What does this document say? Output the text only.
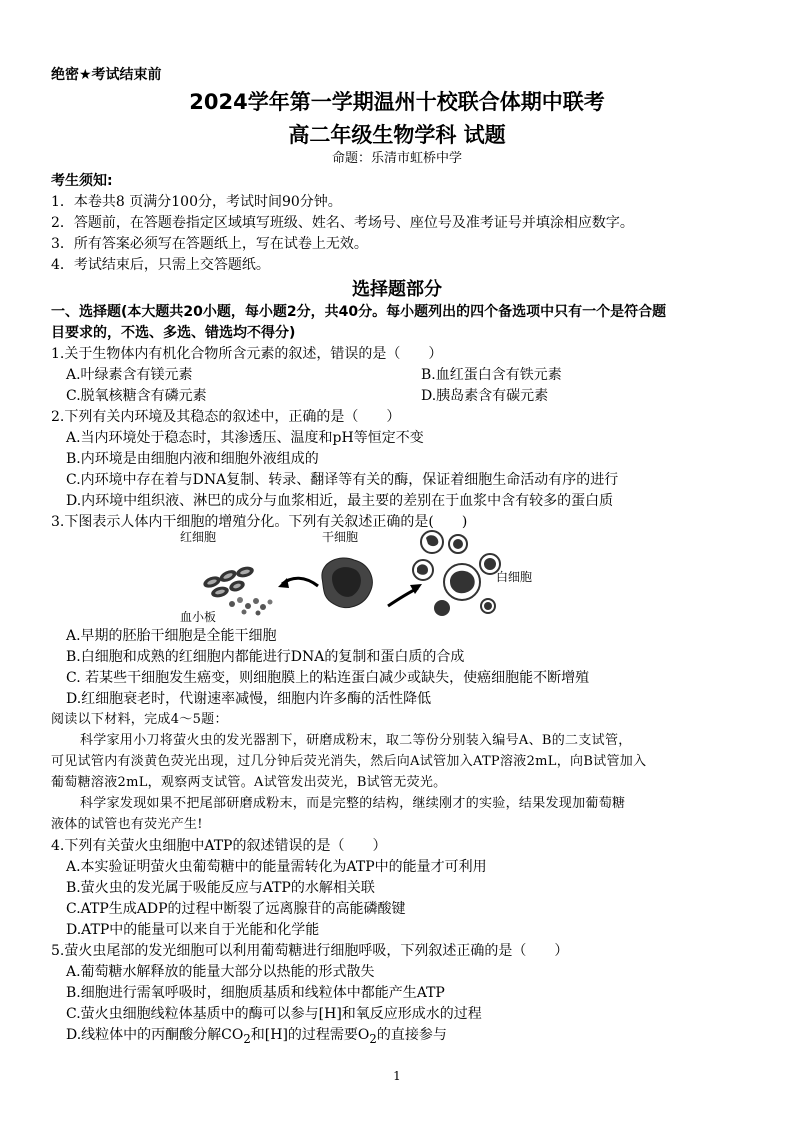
绝密★考试结束前
2024学年第一学期温州十校联合体期中联考
高二年级生物学科 试题
命题：乐清市虹桥中学
考生须知:
1．本卷共8 页满分100分，考试时间90分钟。
2．答题前，在答题卷指定区域填写班级、姓名、考场号、座位号及准考证号并填涂相应数字。
3．所有答案必须写在答题纸上，写在试卷上无效。
4．考试结束后，只需上交答题纸。
选择题部分
一、选择题(本大题共20小题，每小题2分，共40分。每小题列出的四个备选项中只有一个是符合题
目要求的，不选、多选、错选均不得分)
1.关于生物体内有机化合物所含元素的叙述，错误的是（　　）
A.叶绿素含有镁元素	B.血红蛋白含有铁元素
C.脱氧核糖含有磷元素	D.胰岛素含有碳元素
2.下列有关内环境及其稳态的叙述中，正确的是（　　）
A.当内环境处于稳态时，其渗透压、温度和pH等恒定不变
B.内环境是由细胞内液和细胞外液组成的
C.内环境中存在着与DNA复制、转录、翻译等有关的酶，保证着细胞生命活动有序的进行
D.内环境中组织液、淋巴的成分与血浆相近，最主要的差别在于血浆中含有较多的蛋白质
3.下图表示人体内干细胞的增殖分化。下列有关叙述正确的是(　　)
红细胞	干细胞
白细胞
血小板
A.早期的胚胎干细胞是全能干细胞
B.白细胞和成熟的红细胞内都能进行DNA的复制和蛋白质的合成
C. 若某些干细胞发生癌变，则细胞膜上的粘连蛋白减少或缺失，使癌细胞能不断增殖
D.红细胞衰老时，代谢速率减慢，细胞内许多酶的活性降低
阅读以下材料，完成4～5题：
科学家用小刀将萤火虫的发光器割下，研磨成粉末，取二等份分别装入编号A、B的二支试管，
可见试管内有淡黄色荧光出现，过几分钟后荧光消失，然后向A试管加入ATP溶液2mL，向B试管加入
葡萄糖溶液2mL，观察两支试管。A试管发出荧光，B试管无荧光。
科学家发现如果不把尾部研磨成粉末，而是完整的结构，继续刚才的实验，结果发现加葡萄糖
液体的试管也有荧光产生!
4.下列有关萤火虫细胞中ATP的叙述错误的是（　　）
A.本实验证明萤火虫葡萄糖中的能量需转化为ATP中的能量才可利用
B.萤火虫的发光属于吸能反应与ATP的水解相关联
C.ATP生成ADP的过程中断裂了远离腺苷的高能磷酸键
D.ATP中的能量可以来自于光能和化学能
5.萤火虫尾部的发光细胞可以利用葡萄糖进行细胞呼吸，下列叙述正确的是（　　）
A.葡萄糖水解释放的能量大部分以热能的形式散失
B.细胞进行需氧呼吸时，细胞质基质和线粒体中都能产生ATP
C.萤火虫细胞线粒体基质中的酶可以参与[H]和氧反应形成水的过程
D.线粒体中的丙酮酸分解$CO_2$和[H]的过程需要$O_2$的直接参与
1
